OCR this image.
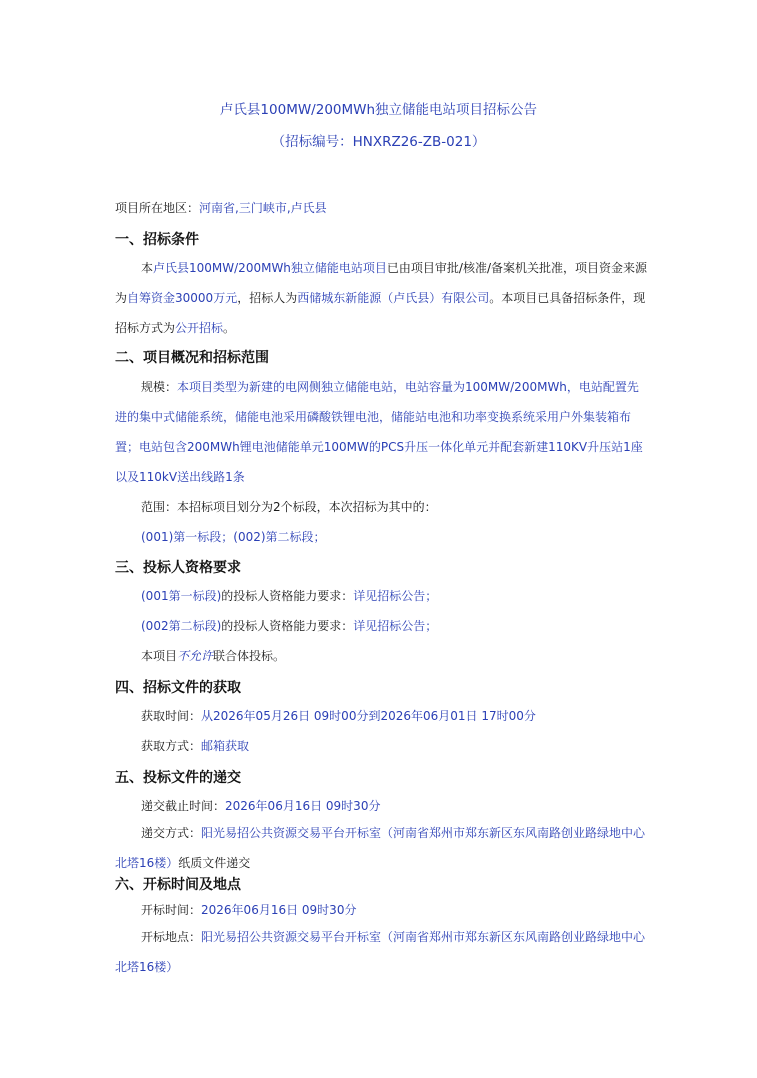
卢氏县100MW/200MWh独立储能电站项目招标公告
（招标编号：HNXRZ26-ZB-021）
项目所在地区：河南省,三门峡市,卢氏县
一、招标条件
本卢氏县100MW/200MWh独立储能电站项目已由项目审批/核准/备案机关批准，项目资金来源为自筹资金30000万元，招标人为西储城东新能源（卢氏县）有限公司。本项目已具备招标条件，现招标方式为公开招标。
二、项目概况和招标范围
规模：本项目类型为新建的电网侧独立储能电站，电站容量为100MW/200MWh，电站配置先进的集中式储能系统，储能电池采用磷酸铁锂电池，储能站电池和功率变换系统采用户外集装箱布置；电站包含200MWh锂电池储能单元100MW的PCS升压一体化单元并配套新建110KV升压站1座以及110kV送出线路1条
范围：本招标项目划分为2个标段，本次招标为其中的：
(001)第一标段；(002)第二标段；
三、投标人资格要求
(001第一标段)的投标人资格能力要求：详见招标公告；
(002第二标段)的投标人资格能力要求：详见招标公告；
本项目不允许联合体投标。
四、招标文件的获取
获取时间：从2026年05月26日 09时00分到2026年06月01日 17时00分
获取方式：邮箱获取
五、投标文件的递交
递交截止时间：2026年06月16日 09时30分
递交方式：阳光易招公共资源交易平台开标室（河南省郑州市郑东新区东风南路创业路绿地中心北塔16楼）纸质文件递交
六、开标时间及地点
开标时间：2026年06月16日 09时30分
开标地点：阳光易招公共资源交易平台开标室（河南省郑州市郑东新区东风南路创业路绿地中心北塔16楼）
